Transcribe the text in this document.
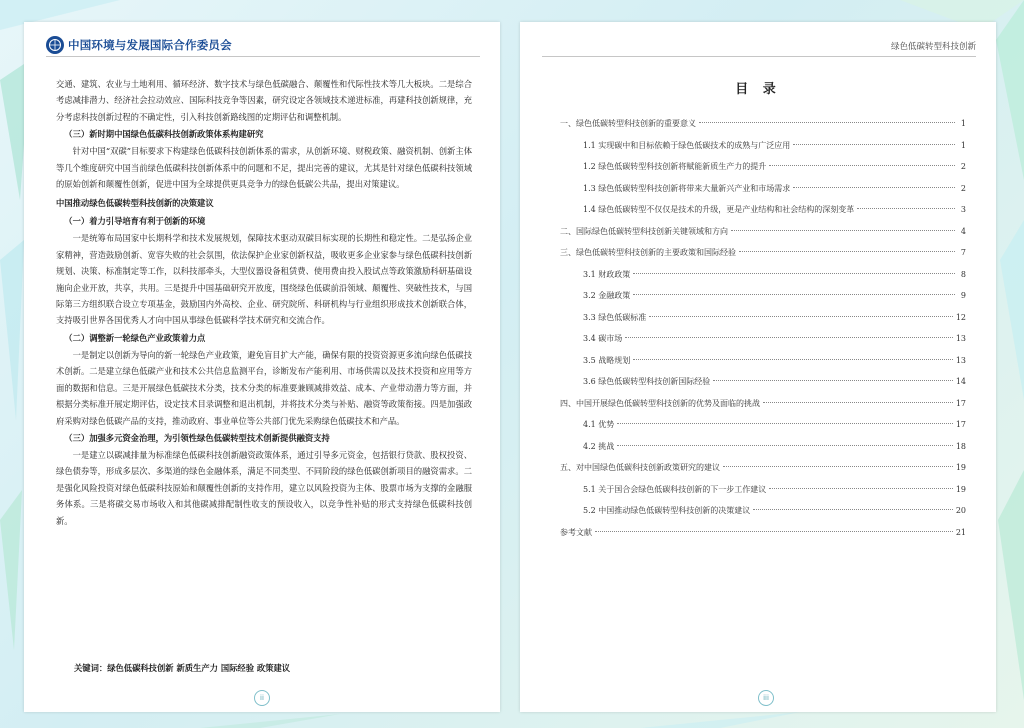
中国环境与发展国际合作委员会

交通、建筑、农业与土地利用、循环经济、数字技术与绿色低碳融合、颠覆性和代际性技术等几大板块。二是综合考虑减排潜力、经济社会拉动效应、国际科技竞争等因素，研究设定各领域技术递进标准，再建科技创新规律，充分考虑科技创新过程的不确定性，引入科技创新路线图的定期评估和调整机制。

（三）新时期中国绿色低碳科技创新政策体系构建研究

针对中国“双碳”目标要求下构建绿色低碳科技创新体系的需求，从创新环境、财税政策、融资机制、创新主体等几个维度研究中国当前绿色低碳科技创新体系中的问题和不足，提出完善的建议，尤其是针对绿色低碳科技领域的原始创新和颠覆性创新，促进中国为全球提供更具竞争力的绿色低碳公共品，提出对策建议。

中国推动绿色低碳转型科技创新的决策建议
（一）着力引导培育有利于创新的环境

一是统筹布局国家中长期科学和技术发展规划，保障技术驱动双碳目标实现的长期性和稳定性。二是弘扬企业家精神，营造鼓励创新、宽容失败的社会氛围，依法保护企业家创新权益，吸收更多企业家参与绿色低碳科技创新规划、决策、标准制定等工作，以科技部牵头，大型仪器设备租赁费、使用费由投入股试点等政策激励科研基础设施向企业开放，共享，共用。三是提升中国基础研究开放度，围绕绿色低碳前沿领域、颠覆性、突破性技术，与国际第三方组织联合设立专项基金，鼓励国内外高校、企业、研究院所、科研机构与行业组织形成技术创新联合体，支持吸引世界各国优秀人才向中国从事绿色低碳科学技术研究和交流合作。

（二）调整新一轮绿色产业政策着力点

一是制定以创新为导向的新一轮绿色产业政策，避免盲目扩大产能，确保有限的投资资源更多流向绿色低碳技术创新。二是建立绿色低碳产业和技术公共信息监测平台，诊断发布产能利用、市场供需以及技术投资和应用等方面的数据和信息。三是开展绿色低碳技术分类，技术分类的标准要兼顾减排效益、成本、产业带动潜力等方面，并根据分类标准开展定期评估，设定技术目录调整和退出机制，并将技术分类与补贴、融资等政策衔接。四是加强政府采购对绿色低碳产品的支持，推动政府、事业单位等公共部门优先采购绿色低碳技术和产品。

（三）加强多元资金治理，为引领性绿色低碳转型技术创新提供融资支持

一是建立以碳减排量为标准绿色低碳科技创新融资政策体系，通过引导多元资金，包括银行贷款、股权投资、绿色债券等，形成多层次、多渠道的绿色金融体系，满足不同类型、不同阶段的绿色低碳创新项目的融资需求。二是强化风险投资对绿色低碳科技原始和颠覆性创新的支持作用，建立以风险投资为主体、股票市场为支撑的金融服务体系。三是将碳交易市场收入和其他碳减排配制性收支的预设收入，以竞争性补贴的形式支持绿色低碳科技创新。

关键词：绿色低碳科技创新 新质生产力 国际经验 政策建议
ii
绿色低碳转型科技创新
目 录
一、绿色低碳转型科技创新的重要意义	1
1.1 实现碳中和目标依赖于绿色低碳技术的成熟与广泛应用	1
1.2 绿色低碳转型科技创新将赋能新质生产力的提升	2
1.3 绿色低碳转型科技创新将带来大量新兴产业和市场需求	2
1.4 绿色低碳转型不仅仅是技术的升级，更是产业结构和社会结构的深刻变革	3
二、国际绿色低碳转型科技创新关键领域和方向	4
三、绿色低碳转型科技创新的主要政策和国际经验	7
3.1 财政政策	8
3.2 金融政策	9
3.3 绿色低碳标准	12
3.4 碳市场	13
3.5 战略规划	13
3.6 绿色低碳转型科技创新国际经验	14
四、中国开展绿色低碳转型科技创新的优势及面临的挑战	17
4.1 优势	17
4.2 挑战	18
五、对中国绿色低碳科技创新政策研究的建议	19
5.1 关于国合会绿色低碳科技创新的下一步工作建议	19
5.2 中国推动绿色低碳转型科技创新的决策建议	20
参考文献	21
iii
